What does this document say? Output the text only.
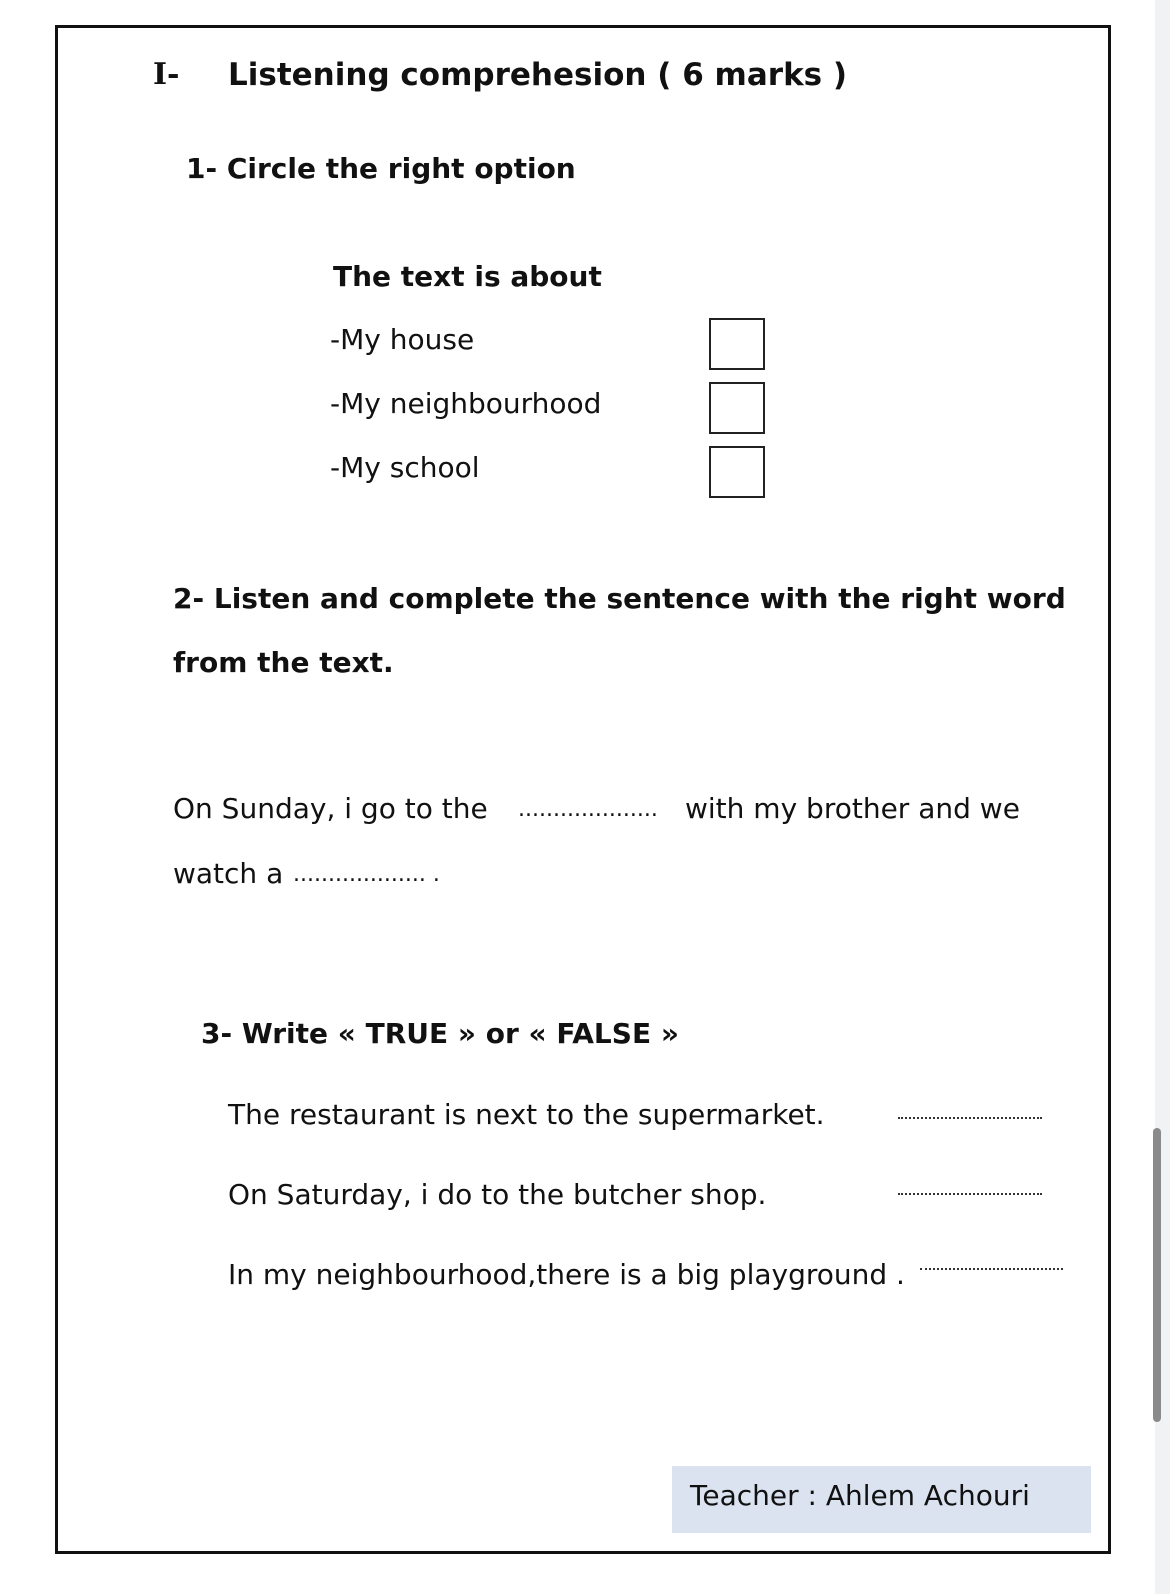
I- Listening comprehesion ( 6 marks )
1- Circle the right option
The text is about
-My house
-My neighbourhood
-My school
2- Listen and complete the sentence with the right word
from the text.
On Sunday, i go to the .................... with my brother and we
watch a ................... .
3- Write « TRUE » or « FALSE »
The restaurant is next to the supermarket.
On Saturday, i do to the butcher shop.
In my neighbourhood,there is a big playground .
Teacher : Ahlem Achouri
